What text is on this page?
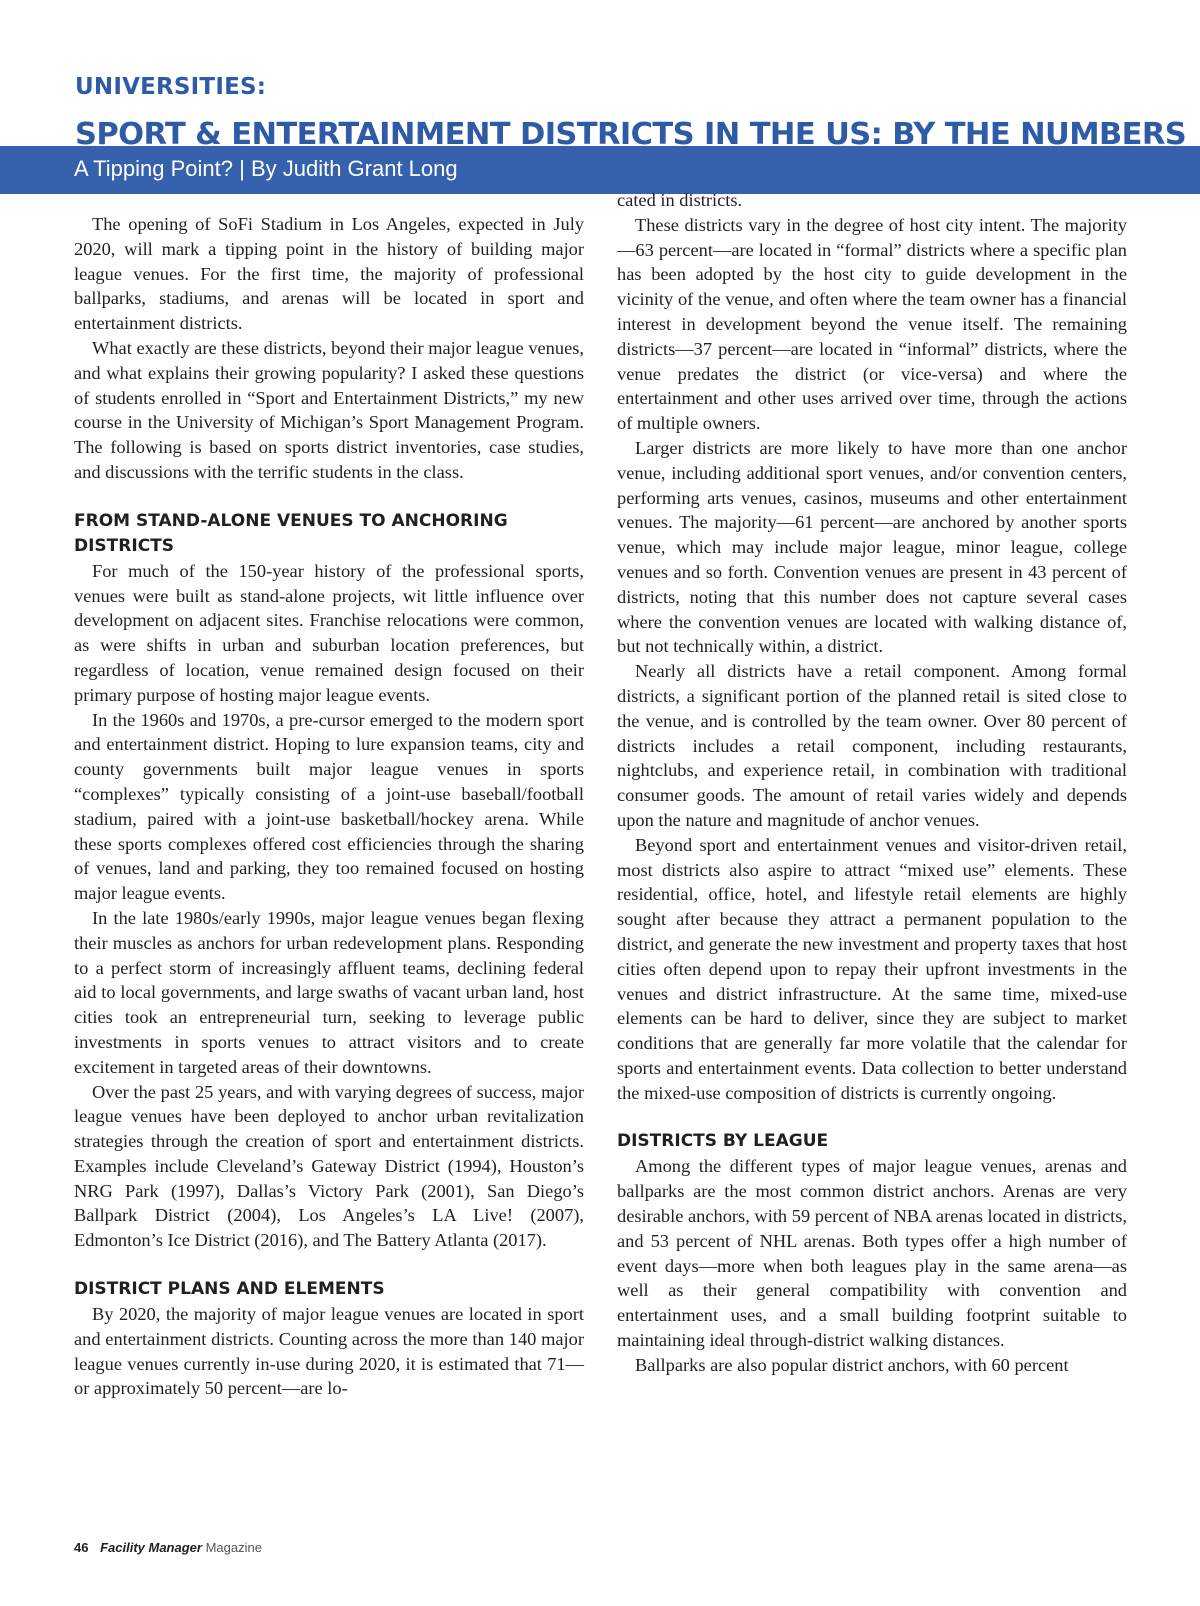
UNIVERSITIES:
SPORT & ENTERTAINMENT DISTRICTS IN THE US: BY THE NUMBERS
A Tipping Point? | By Judith Grant Long

The opening of SoFi Stadium in Los Angeles, expected in July 2020, will mark a tipping point in the history of building major league venues. For the first time, the majority of professional ballparks, stadiums, and arenas will be located in sport and entertainment districts.

What exactly are these districts, beyond their major league venues, and what explains their growing popularity? I asked these questions of students enrolled in “Sport and Entertainment Districts,” my new course in the University of Michigan’s Sport Management Program. The following is based on sports district inventories, case studies, and discussions with the terrific students in the class.

FROM STAND-ALONE VENUES TO ANCHORING DISTRICTS

For much of the 150-year history of the professional sports, venues were built as stand-alone projects, wit little influence over development on adjacent sites. Franchise relocations were common, as were shifts in urban and suburban location preferences, but regardless of location, venue remained design focused on their primary purpose of hosting major league events.

In the 1960s and 1970s, a pre-cursor emerged to the modern sport and entertainment district. Hoping to lure expansion teams, city and county governments built major league venues in sports “complexes” typically consisting of a joint-use baseball/football stadium, paired with a joint-use basketball/hockey arena. While these sports complexes offered cost efficiencies through the sharing of venues, land and parking, they too remained focused on hosting major league events.

In the late 1980s/early 1990s, major league venues began flexing their muscles as anchors for urban redevelopment plans. Responding to a perfect storm of increasingly affluent teams, declining federal aid to local governments, and large swaths of vacant urban land, host cities took an entrepreneurial turn, seeking to leverage public investments in sports venues to attract visitors and to create excitement in targeted areas of their downtowns.

Over the past 25 years, and with varying degrees of success, major league venues have been deployed to anchor urban revitalization strategies through the creation of sport and entertainment districts. Examples include Cleveland’s Gateway District (1994), Houston’s NRG Park (1997), Dallas’s Victory Park (2001), San Diego’s Ballpark District (2004), Los Angeles’s LA Live! (2007), Edmonton’s Ice District (2016), and The Battery Atlanta (2017).

DISTRICT PLANS AND ELEMENTS

By 2020, the majority of major league venues are located in sport and entertainment districts. Counting across the more than 140 major league venues currently in-use during 2020, it is estimated that 71—or approximately 50 percent—are lo-

cated in districts.

These districts vary in the degree of host city intent. The majority—63 percent—are located in “formal” districts where a specific plan has been adopted by the host city to guide development in the vicinity of the venue, and often where the team owner has a financial interest in development beyond the venue itself. The remaining districts—37 percent—are located in “informal” districts, where the venue predates the district (or vice-versa) and where the entertainment and other uses arrived over time, through the actions of multiple owners.

Larger districts are more likely to have more than one anchor venue, including additional sport venues, and/or convention centers, performing arts venues, casinos, museums and other entertainment venues. The majority—61 percent—are anchored by another sports venue, which may include major league, minor league, college venues and so forth. Convention venues are present in 43 percent of districts, noting that this number does not capture several cases where the convention venues are located with walking distance of, but not technically within, a district.

Nearly all districts have a retail component. Among formal districts, a significant portion of the planned retail is sited close to the venue, and is controlled by the team owner. Over 80 percent of districts includes a retail component, including restaurants, nightclubs, and experience retail, in combination with traditional consumer goods. The amount of retail varies widely and depends upon the nature and magnitude of anchor venues.

Beyond sport and entertainment venues and visitor-driven retail, most districts also aspire to attract “mixed use” elements. These residential, office, hotel, and lifestyle retail elements are highly sought after because they attract a permanent population to the district, and generate the new investment and property taxes that host cities often depend upon to repay their upfront investments in the venues and district infrastructure. At the same time, mixed-use elements can be hard to deliver, since they are subject to market conditions that are generally far more volatile that the calendar for sports and entertainment events. Data collection to better understand the mixed-use composition of districts is currently ongoing.

DISTRICTS BY LEAGUE

Among the different types of major league venues, arenas and ballparks are the most common district anchors. Arenas are very desirable anchors, with 59 percent of NBA arenas located in districts, and 53 percent of NHL arenas. Both types offer a high number of event days—more when both leagues play in the same arena—as well as their general compatibility with convention and entertainment uses, and a small building footprint suitable to maintaining ideal through-district walking distances.

Ballparks are also popular district anchors, with 60 percent

46 Facility Manager Magazine
